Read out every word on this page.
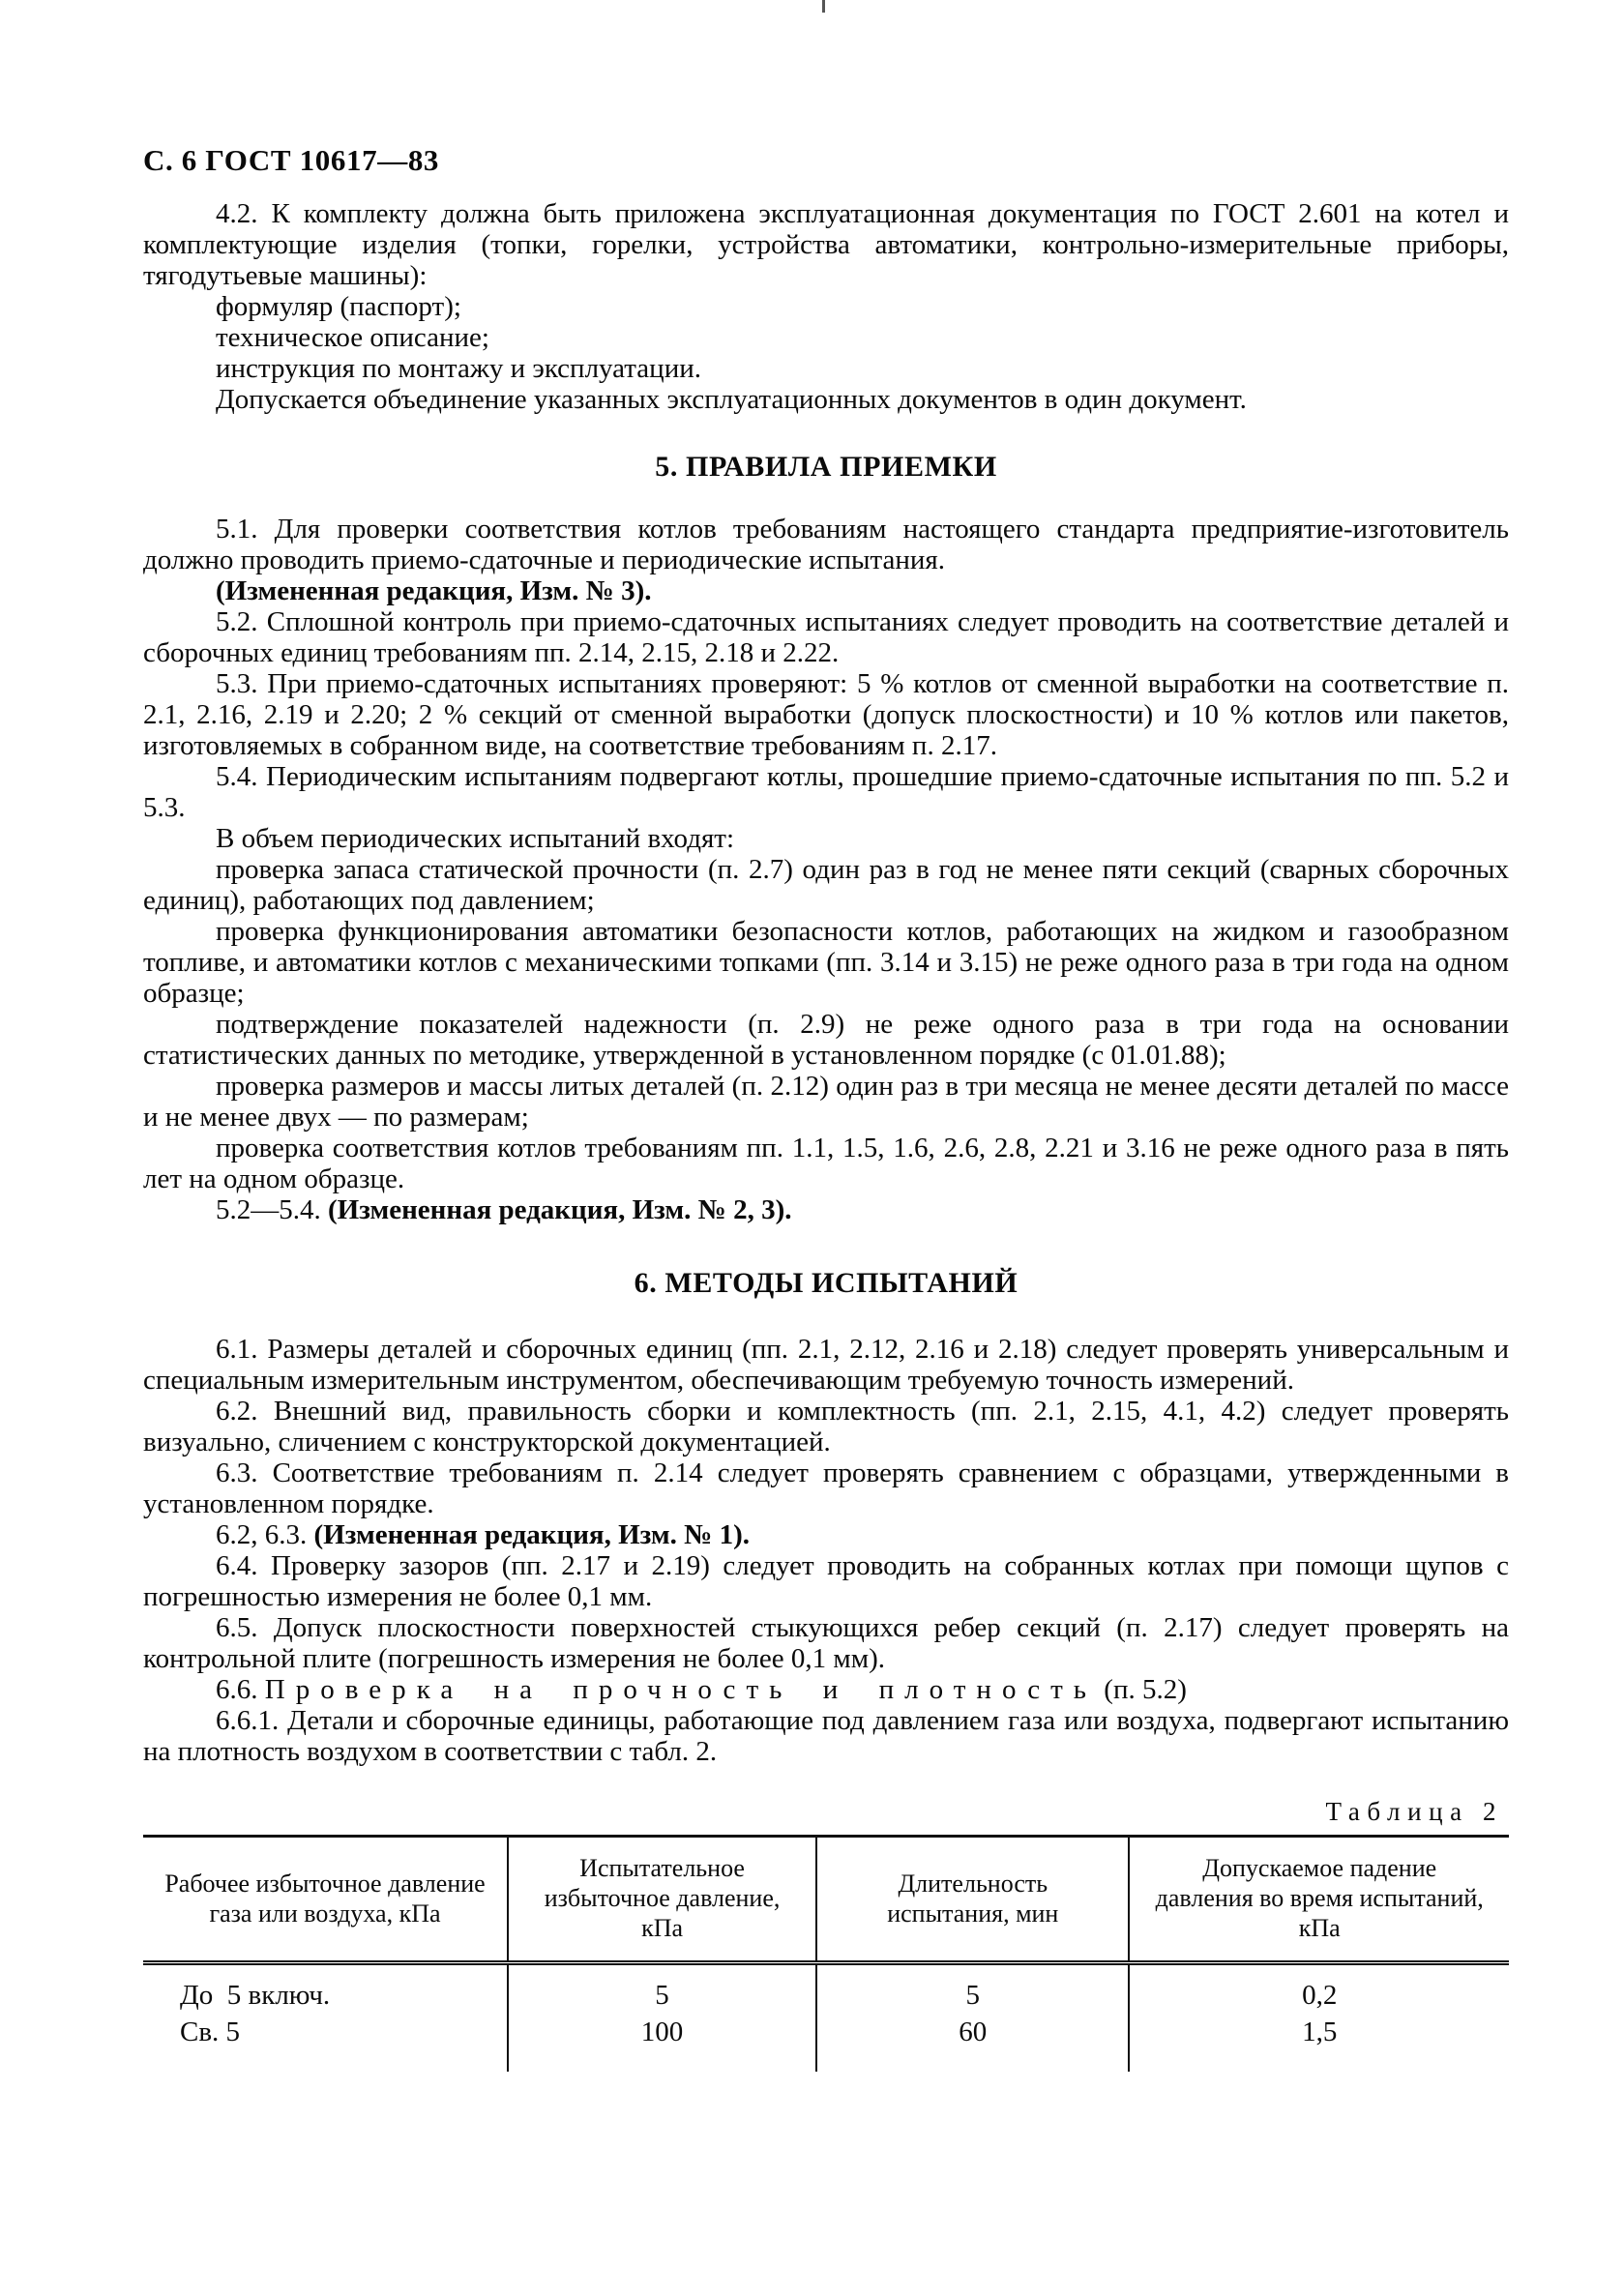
С. 6 ГОСТ 10617—83

4.2. К комплекту должна быть приложена эксплуатационная документация по ГОСТ 2.601 на котел и комплектующие изделия (топки, горелки, устройства автоматики, контрольно-измерительные приборы, тягодутьевые машины):

формуляр (паспорт);

техническое описание;

инструкция по монтажу и эксплуатации.

Допускается объединение указанных эксплуатационных документов в один документ.

5. ПРАВИЛА ПРИЕМКИ

5.1. Для проверки соответствия котлов требованиям настоящего стандарта предприятие-изготовитель должно проводить приемо-сдаточные и периодические испытания.

(Измененная редакция, Изм. № 3).

5.2. Сплошной контроль при приемо-сдаточных испытаниях следует проводить на соответствие деталей и сборочных единиц требованиям пп. 2.14, 2.15, 2.18 и 2.22.

5.3. При приемо-сдаточных испытаниях проверяют: 5 % котлов от сменной выработки на соответствие п. 2.1, 2.16, 2.19 и 2.20; 2 % секций от сменной выработки (допуск плоскостности) и 10 % котлов или пакетов, изготовляемых в собранном виде, на соответствие требованиям п. 2.17.

5.4. Периодическим испытаниям подвергают котлы, прошедшие приемо-сдаточные испытания по пп. 5.2 и 5.3.

В объем периодических испытаний входят:

проверка запаса статической прочности (п. 2.7) один раз в год не менее пяти секций (сварных сборочных единиц), работающих под давлением;

проверка функционирования автоматики безопасности котлов, работающих на жидком и газообразном топливе, и автоматики котлов с механическими топками (пп. 3.14 и 3.15) не реже одного раза в три года на одном образце;

подтверждение показателей надежности (п. 2.9) не реже одного раза в три года на основании статистических данных по методике, утвержденной в установленном порядке (с 01.01.88);

проверка размеров и массы литых деталей (п. 2.12) один раз в три месяца не менее десяти деталей по массе и не менее двух — по размерам;

проверка соответствия котлов требованиям пп. 1.1, 1.5, 1.6, 2.6, 2.8, 2.21 и 3.16 не реже одного раза в пять лет на одном образце.

5.2—5.4. (Измененная редакция, Изм. № 2, 3).

6. МЕТОДЫ ИСПЫТАНИЙ

6.1. Размеры деталей и сборочных единиц (пп. 2.1, 2.12, 2.16 и 2.18) следует проверять универсальным и специальным измерительным инструментом, обеспечивающим требуемую точность измерений.

6.2. Внешний вид, правильность сборки и комплектность (пп. 2.1, 2.15, 4.1, 4.2) следует проверять визуально, сличением с конструкторской документацией.

6.3. Соответствие требованиям п. 2.14 следует проверять сравнением с образцами, утвержденными в установленном порядке.

6.2, 6.3. (Измененная редакция, Изм. № 1).

6.4. Проверку зазоров (пп. 2.17 и 2.19) следует проводить на собранных котлах при помощи щупов с погрешностью измерения не более 0,1 мм.

6.5. Допуск плоскостности поверхностей стыкующихся ребер секций (п. 2.17) следует проверять на контрольной плите (погрешность измерения не более 0,1 мм).

6.6. Проверка на прочность и плотность (п. 5.2)

6.6.1. Детали и сборочные единицы, работающие под давлением газа или воздуха, подвергают испытанию на плотность воздухом в соответствии с табл. 2.

Таблица 2
Рабочее избыточное давление газа или воздуха, кПа	Испытательное избыточное давление, кПа	Длительность испытания, мин	Допускаемое падение давления во время испытаний, кПа
До  5 включ.	5	5	0,2
Св. 5	100	60	1,5
